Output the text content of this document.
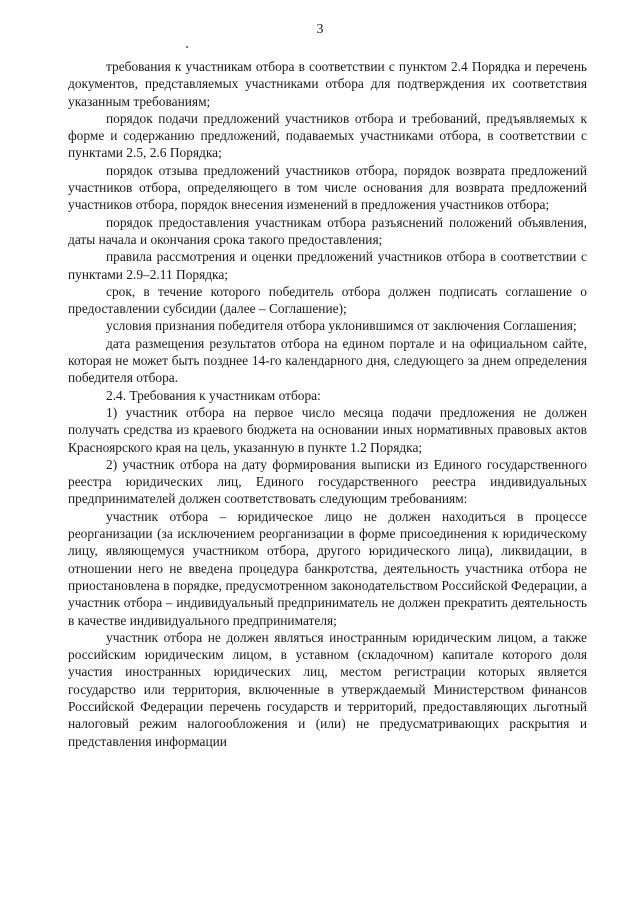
3

требования к участникам отбора в соответствии с пунктом 2.4 Порядка и перечень документов, представляемых участниками отбора для подтверждения их соответствия указанным требованиям;

порядок подачи предложений участников отбора и требований, предъявляемых к форме и содержанию предложений, подаваемых участниками отбора, в соответствии с пунктами 2.5, 2.6 Порядка;

порядок отзыва предложений участников отбора, порядок возврата предложений участников отбора, определяющего в том числе основания для возврата предложений участников отбора, порядок внесения изменений в предложения участников отбора;

порядок предоставления участникам отбора разъяснений положений объявления, даты начала и окончания срока такого предоставления;

правила рассмотрения и оценки предложений участников отбора в соответствии с пунктами 2.9–2.11 Порядка;

срок, в течение которого победитель отбора должен подписать соглашение о предоставлении субсидии (далее – Соглашение);

условия признания победителя отбора уклонившимся от заключения Соглашения;

дата размещения результатов отбора на едином портале и на официальном сайте, которая не может быть позднее 14-го календарного дня, следующего за днем определения победителя отбора.

2.4. Требования к участникам отбора:

1) участник отбора на первое число месяца подачи предложения не должен получать средства из краевого бюджета на основании иных нормативных правовых актов Красноярского края на цель, указанную в пункте 1.2 Порядка;

2) участник отбора на дату формирования выписки из Единого государственного реестра юридических лиц, Единого государственного реестра индивидуальных предпринимателей должен соответствовать следующим требованиям:

участник отбора – юридическое лицо не должен находиться в процессе реорганизации (за исключением реорганизации в форме присоединения к юридическому лицу, являющемуся участником отбора, другого юридического лица), ликвидации, в отношении него не введена процедура банкротства, деятельность участника отбора не приостановлена в порядке, предусмотренном законодательством Российской Федерации, а участник отбора – индивидуальный предприниматель не должен прекратить деятельность в качестве индивидуального предпринимателя;

участник отбора не должен являться иностранным юридическим лицом, а также российским юридическим лицом, в уставном (складочном) капитале которого доля участия иностранных юридических лиц, местом регистрации которых является государство или территория, включенные в утверждаемый Министерством финансов Российской Федерации перечень государств и территорий, предоставляющих льготный налоговый режим налогообложения и (или) не предусматривающих раскрытия и представления информации
